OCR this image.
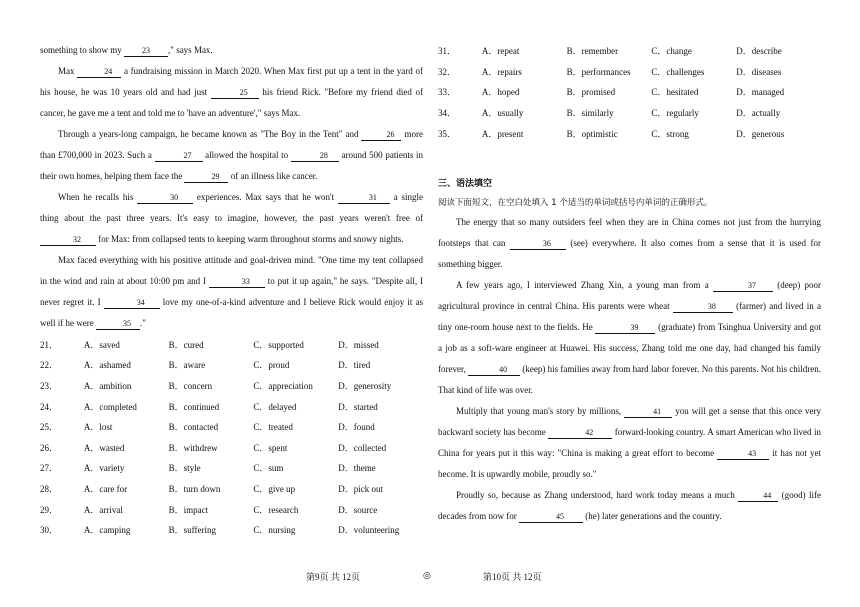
something to show my 23 ," says Max.

Max	24 a fundraising mission in March 2020. When Max first put up a tent in the yard of his house, he was 10 years old and had just	25 his friend Rick. "Before my friend died of cancer, he gave me a tent and told me to 'have an adventure'," says Max.

Through a years-long campaign, he became known as "The Boy in the Tent" and	26 more than £700,000 in 2023. Such a	27 allowed the hospital to	28 around 500 patients in their own homes, helping them face the	29 of an illness like cancer.

When he recalls his	30 experiences. Max says that he won't	31 a single thing about the past three years. It's easy to imagine, however, the past years weren't free of 32 for Max: from collapsed tents to keeping warm throughout storms and snowy nights.

Max faced everything with his positive attitude and goal-driven mind. "One time my tent collapsed in the wind and rain at about 10:00 pm and I	33 to put it up again," he says. "Despite all, I never regret it. I	34 love my one-of-a-kind adventure and I believe Rick would enjoy it as well if he were	35 ."

21．	A．saved	B．cured	C．supported	D．missed
22．	A．ashamed	B．aware	C．proud	D．tired
23．	A．ambition	B．concern	C．appreciation	D．generosity
24．	A．completed	B．continued	C．delayed	D．started
25．	A．lost	B．contacted	C．treated	D．found
26．	A．wasted	B．withdrew	C．spent	D．collected
27．	A．variety	B．style	C．sum	D．theme
28．	A．care for	B．turn down	C．give up	D．pick out
29．	A．arrival	B．impact	C．research	D．source
30．	A．camping	B．suffering	C．nursing	D．volunteering
31．	A．repeat	B．remember	C．change	D．describe
32．	A．repairs	B．performances	C．challenges	D．diseases
33．	A．hoped	B．promised	C．hesitated	D．managed
34．	A．usually	B．similarly	C．regularly	D．actually
35．	A．present	B．optimistic	C．strong	D．generous
三、语法填空
阅读下面短文，在空白处填入 1 个适当的单词或括号内单词的正确形式。

The energy that so many outsiders feel when they are in China comes not just from the hurrying footsteps that can	36 (see) everywhere. It also comes from a sense that it is used for something bigger.

A few years ago, I interviewed Zhang Xin, a young man from a	37 (deep) poor agricultural province in central China. His parents were wheat	38 (farmer) and lived in a tiny one-room house next to the fields. He	39 (graduate) from Tsinghua University and got a job as a soft-ware engineer at Huawei. His success, Zhang told me one day, had changed his family forever,	40 (keep) his families away from hard labor forever. No this parents. Not his children. That kind of life was over.

Multiply that young man's story by millions,	41 you will get a sense that this once very backward society has become	42 forward-looking country. A smart American who lived in China for years put it this way: "China is making a great effort to become	43 it has not yet become. It is upwardly mobile, proudly so."

Proudly so, because as Zhang understood, hard work today means a much	44 (good) life decades from now for	45 (he) later generations and the country.

第9页 共 12页	◎	第10页 共 12页
